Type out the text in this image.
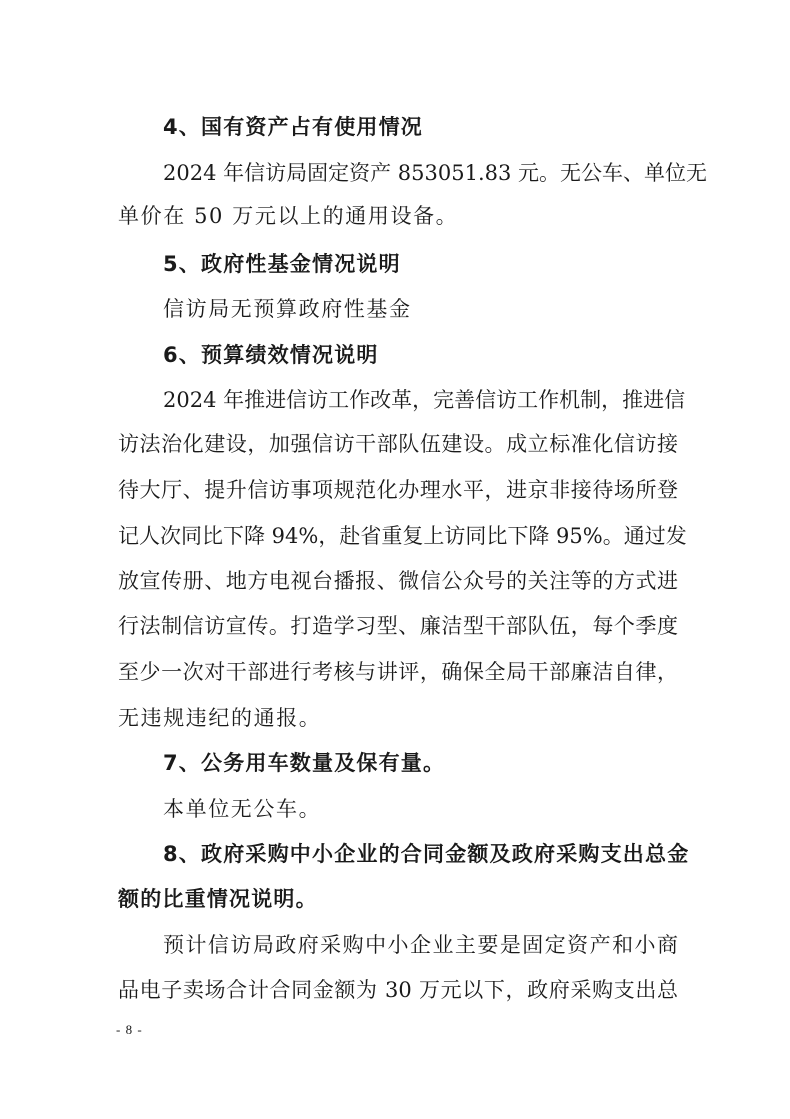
4、国有资产占有使用情况
2024 年信访局固定资产 853051.83 元。无公车、单位无
单价在 50 万元以上的通用设备。
5、政府性基金情况说明
信访局无预算政府性基金
6、预算绩效情况说明
2024 年推进信访工作改革，完善信访工作机制，推进信
访法治化建设，加强信访干部队伍建设。成立标准化信访接
待大厅、提升信访事项规范化办理水平，进京非接待场所登
记人次同比下降 94%，赴省重复上访同比下降 95%。通过发
放宣传册、地方电视台播报、微信公众号的关注等的方式进
行法制信访宣传。打造学习型、廉洁型干部队伍，每个季度
至少一次对干部进行考核与讲评，确保全局干部廉洁自律，
无违规违纪的通报。
7、公务用车数量及保有量。
本单位无公车。
8、政府采购中小企业的合同金额及政府采购支出总金
额的比重情况说明。
预计信访局政府采购中小企业主要是固定资产和小商
品电子卖场合计合同金额为 30 万元以下，政府采购支出总
- 8 -
